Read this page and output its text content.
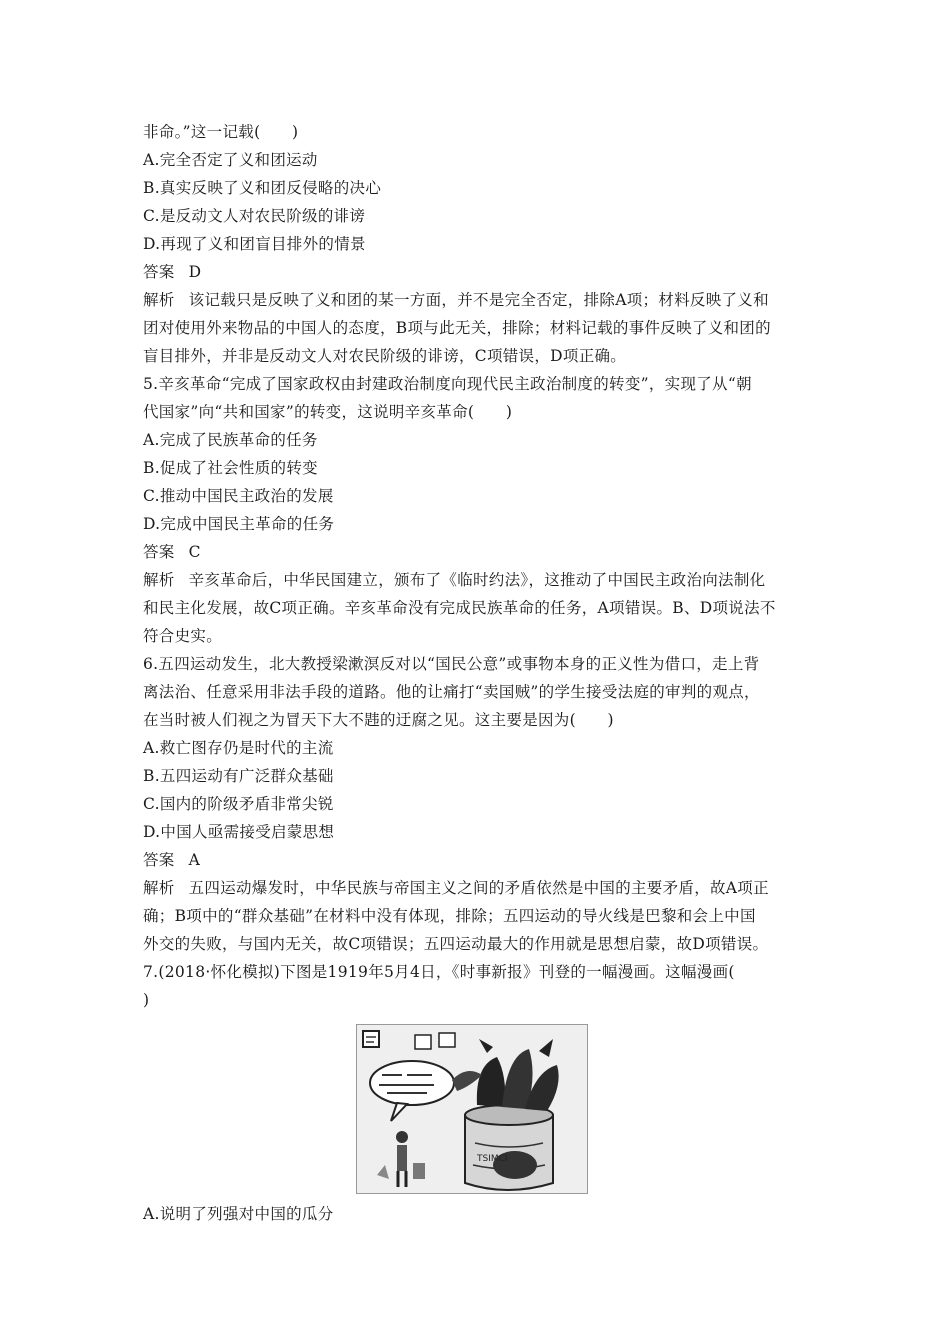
非命。”这一记载(　　)
A.完全否定了义和团运动
B.真实反映了义和团反侵略的决心
C.是反动文人对农民阶级的诽谤
D.再现了义和团盲目排外的情景
答案 D
解析 该记载只是反映了义和团的某一方面，并不是完全否定，排除A项；材料反映了义和
团对使用外来物品的中国人的态度，B项与此无关，排除；材料记载的事件反映了义和团的
盲目排外，并非是反动文人对农民阶级的诽谤，C项错误，D项正确。
5.辛亥革命“完成了国家政权由封建政治制度向现代民主政治制度的转变”，实现了从“朝
代国家”向“共和国家”的转变，这说明辛亥革命(　　)
A.完成了民族革命的任务
B.促成了社会性质的转变
C.推动中国民主政治的发展
D.完成中国民主革命的任务
答案 C
解析 辛亥革命后，中华民国建立，颁布了《临时约法》，这推动了中国民主政治向法制化
和民主化发展，故C项正确。辛亥革命没有完成民族革命的任务，A项错误。B、D项说法不
符合史实。
6.五四运动发生，北大教授梁漱溟反对以“国民公意”或事物本身的正义性为借口，走上背
离法治、任意采用非法手段的道路。他的让痛打“卖国贼”的学生接受法庭的审判的观点，
在当时被人们视之为冒天下大不韪的迂腐之见。这主要是因为(　　)
A.救亡图存仍是时代的主流
B.五四运动有广泛群众基础
C.国内的阶级矛盾非常尖锐
D.中国人亟需接受启蒙思想
答案 A
解析 五四运动爆发时，中华民族与帝国主义之间的矛盾依然是中国的主要矛盾，故A项正
确；B项中的“群众基础”在材料中没有体现，排除；五四运动的导火线是巴黎和会上中国
外交的失败，与国内无关，故C项错误；五四运动最大的作用就是思想启蒙，故D项错误。
7.(2018·怀化模拟)下图是1919年5月4日，《时事新报》刊登的一幅漫画。这幅漫画(
)
TSIMCI
A.说明了列强对中国的瓜分
